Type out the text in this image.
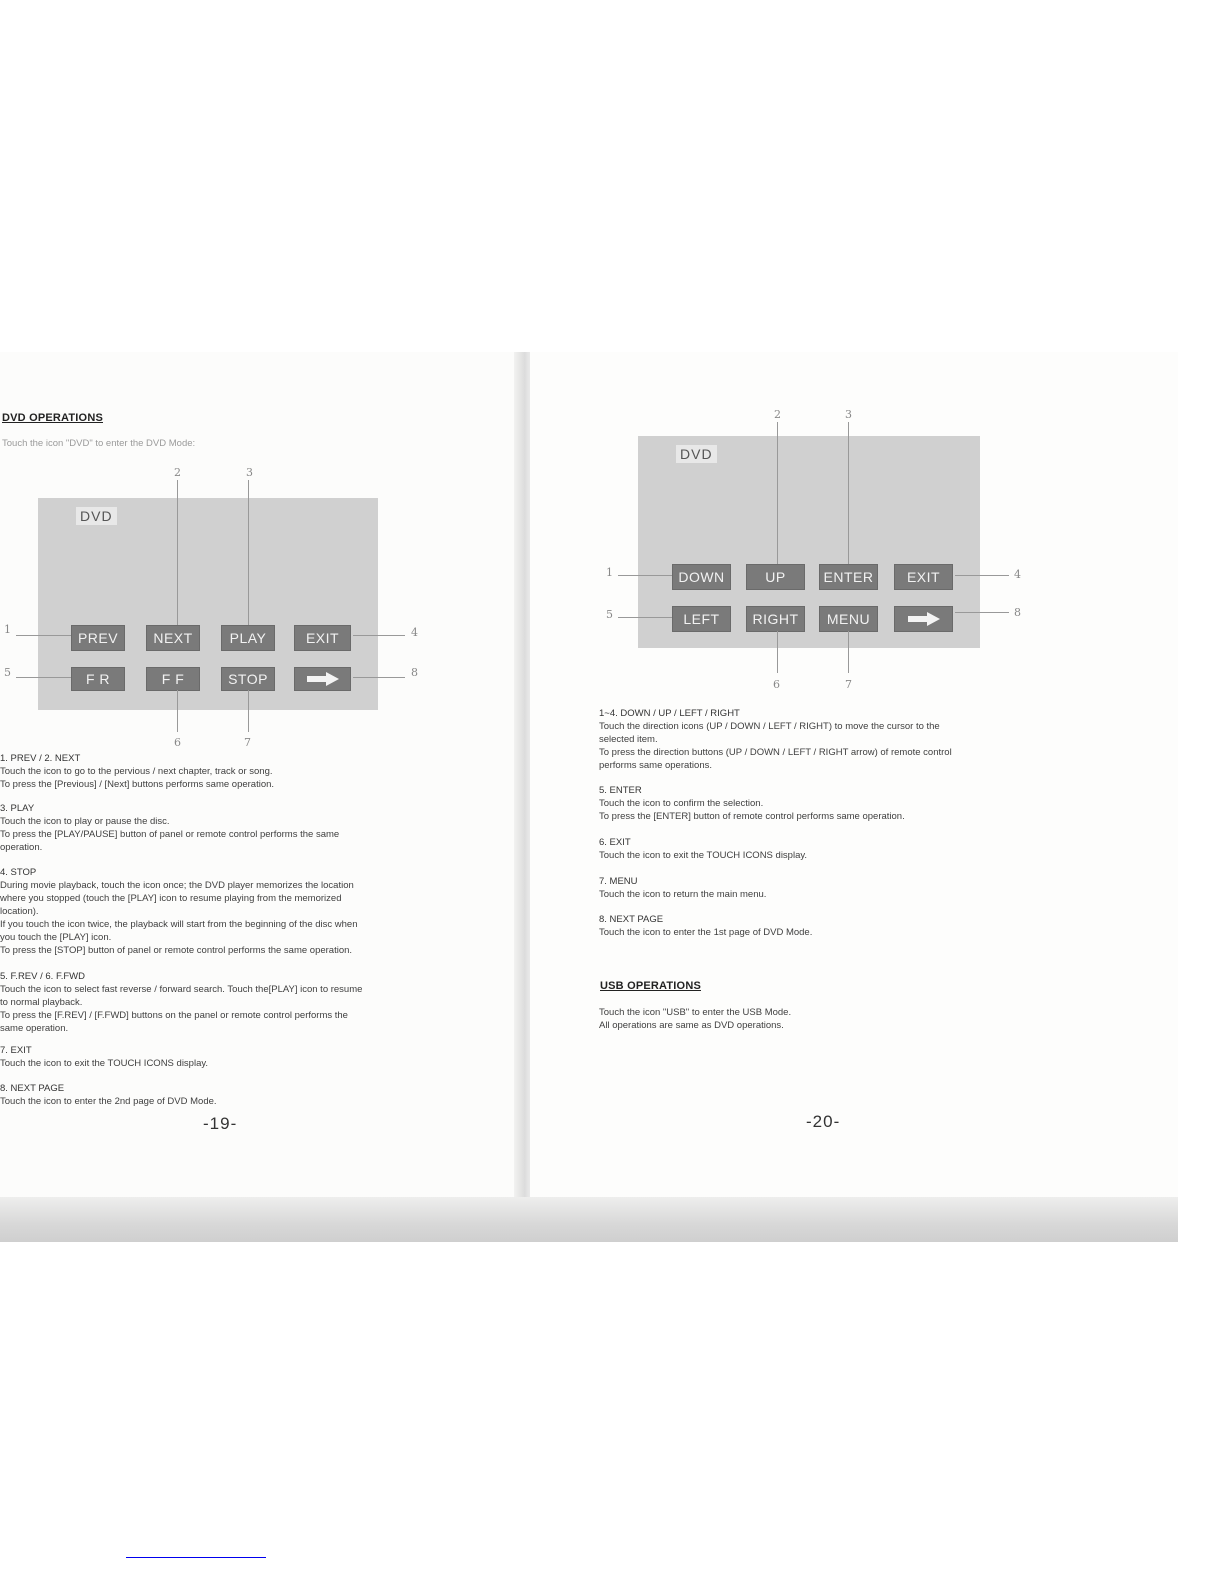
DVD OPERATIONS
Touch the icon "DVD" to enter the DVD Mode:
2	3
DVD
PREV	NEXT	PLAY	EXIT
F R	F F	STOP
1	4
5	8
6	7

1. PREV / 2. NEXT

Touch the icon to go to the pervious / next chapter, track or song.

To press the [Previous] / [Next] buttons performs same operation.

3. PLAY

Touch the icon to play or pause the disc.

To press the [PLAY/PAUSE] button of panel or remote control performs the same

operation.

4. STOP

During movie playback, touch the icon once; the DVD player memorizes the location

where you stopped (touch the [PLAY] icon to resume playing from the memorized

location).

If you touch the icon twice, the playback will start from the beginning of the disc when

you touch the [PLAY] icon.

To press the [STOP] button of panel or remote control performs the same operation.

5. F.REV / 6. F.FWD

Touch the icon to select fast reverse / forward search. Touch the[PLAY] icon to resume

to normal playback.

To press the [F.REV] / [F.FWD] buttons on the panel or remote control performs the

same operation.

7. EXIT

Touch the icon to exit the TOUCH ICONS display.

8. NEXT PAGE

Touch the icon to enter the 2nd page of DVD Mode.

-19-
2	3
DVD
DOWN	UP	ENTER	EXIT
LEFT	RIGHT	MENU
1	4
5	8
6	7

1~4. DOWN / UP / LEFT / RIGHT

Touch the direction icons (UP / DOWN / LEFT / RIGHT) to move the cursor to the

selected item.

To press the direction buttons (UP / DOWN / LEFT / RIGHT arrow) of remote control

performs same operations.

5. ENTER

Touch the icon to confirm the selection.

To press the [ENTER] button of remote control performs same operation.

6. EXIT

Touch the icon to exit the TOUCH ICONS display.

7. MENU

Touch the icon to return the main menu.

8. NEXT PAGE

Touch the icon to enter the 1st page of DVD Mode.

USB OPERATIONS

Touch the icon "USB" to enter the USB Mode.

All operations are same as DVD operations.

-20-
